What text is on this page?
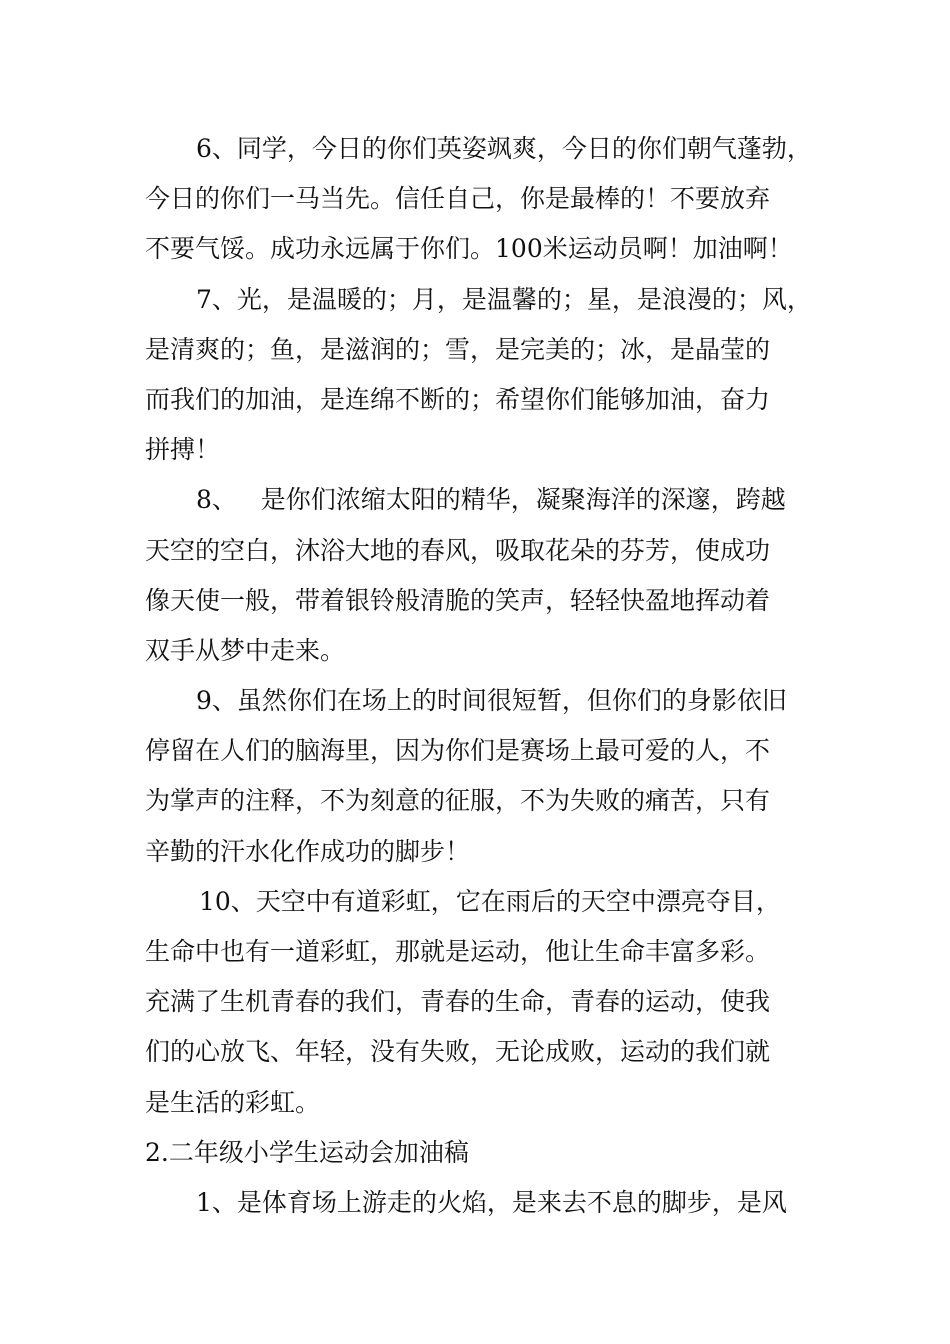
6、同学，今日的你们英姿飒爽，今日的你们朝气蓬勃，
今日的你们一马当先。信任自己，你是最棒的！不要放弃
不要气馁。成功永远属于你们。100米运动员啊！加油啊！
7、光，是温暖的；月，是温馨的；星，是浪漫的；风，
是清爽的；鱼，是滋润的；雪，是完美的；冰，是晶莹的
而我们的加油，是连绵不断的；希望你们能够加油，奋力
拼搏！
8、   是你们浓缩太阳的精华，凝聚海洋的深邃，跨越
天空的空白，沐浴大地的春风，吸取花朵的芬芳，使成功
像天使一般，带着银铃般清脆的笑声，轻轻快盈地挥动着
双手从梦中走来。
9、虽然你们在场上的时间很短暂，但你们的身影依旧
停留在人们的脑海里，因为你们是赛场上最可爱的人，不
为掌声的注释，不为刻意的征服，不为失败的痛苦，只有
辛勤的汗水化作成功的脚步！
10、天空中有道彩虹，它在雨后的天空中漂亮夺目，
生命中也有一道彩虹，那就是运动，他让生命丰富多彩。
充满了生机青春的我们，青春的生命，青春的运动，使我
们的心放飞、年轻，没有失败，无论成败，运动的我们就
是生活的彩虹。
2.二年级小学生运动会加油稿
1、是体育场上游走的火焰，是来去不息的脚步，是风
